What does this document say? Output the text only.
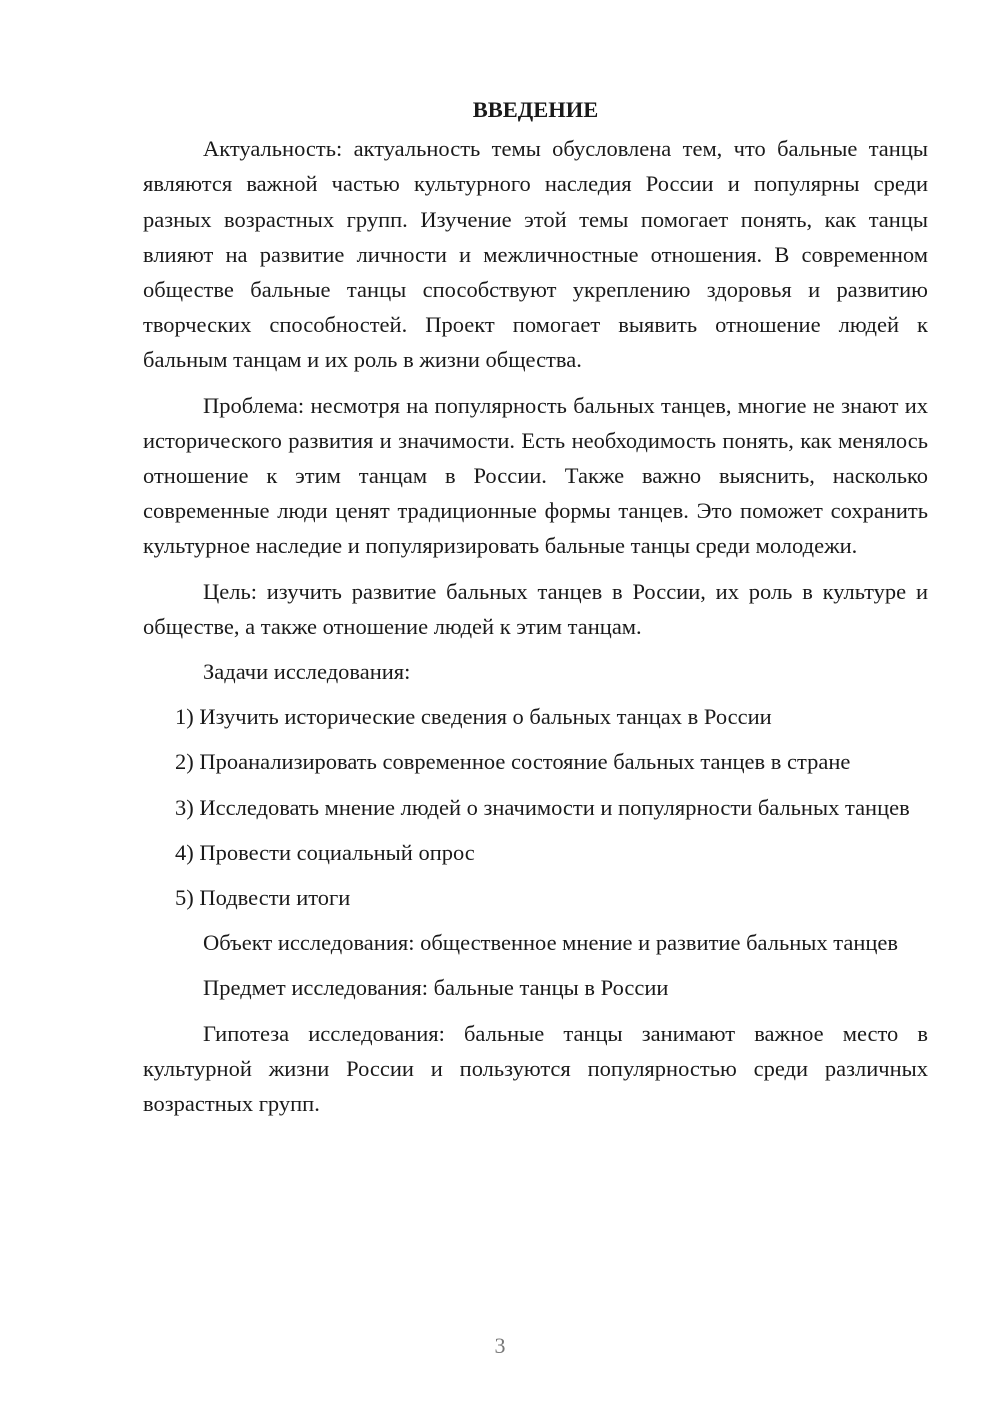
ВВЕДЕНИЕ

Актуальность: актуальность темы обусловлена тем, что бальные танцы являются важной частью культурного наследия России и популярны среди разных возрастных групп. Изучение этой темы помогает понять, как танцы влияют на развитие личности и межличностные отношения. В современном обществе бальные танцы способствуют укреплению здоровья и развитию творческих способностей. Проект помогает выявить отношение людей к бальным танцам и их роль в жизни общества.

Проблема: несмотря на популярность бальных танцев, многие не знают их исторического развития и значимости. Есть необходимость понять, как менялось отношение к этим танцам в России. Также важно выяснить, насколько современные люди ценят традиционные формы танцев. Это поможет сохранить культурное наследие и популяризировать бальные танцы среди молодежи.

Цель: изучить развитие бальных танцев в России, их роль в культуре и обществе, а также отношение людей к этим танцам.

Задачи исследования:

1) Изучить исторические сведения о бальных танцах в России

2) Проанализировать современное состояние бальных танцев в стране

3) Исследовать мнение людей о значимости и популярности бальных танцев

4) Провести социальный опрос

5) Подвести итоги

Объект исследования: общественное мнение и развитие бальных танцев

Предмет исследования: бальные танцы в России

Гипотеза исследования: бальные танцы занимают важное место в культурной жизни России и пользуются популярностью среди различных возрастных групп.

3
